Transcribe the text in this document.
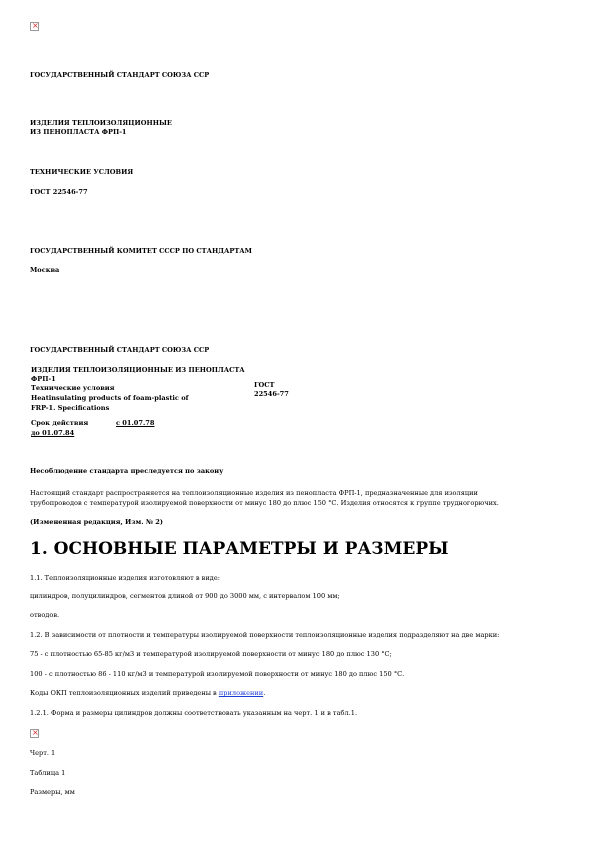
×
ГОСУДАРСТВЕННЫЙ СТАНДАРТ СОЮЗА ССР
ИЗДЕЛИЯ ТЕПЛОИЗОЛЯЦИОННЫЕ
ИЗ ПЕНОПЛАСТА ФРП-1
ТЕХНИЧЕСКИЕ УСЛОВИЯ
ГОСТ 22546-77
ГОСУДАРСТВЕННЫЙ КОМИТЕТ СССР ПО СТАНДАРТАМ
Москва
ГОСУДАРСТВЕННЫЙ СТАНДАРТ СОЮЗА ССР
ИЗДЕЛИЯ ТЕПЛОИЗОЛЯЦИОННЫЕ ИЗ ПЕНОПЛАСТА
ФРП-1
Технические условия
Heatinsulating products of foam-plastic of
FRP-1. Specifications
ГОСТ
22546-77
Срок действия	с 01.07.78
до 01.07.84
Несоблюдение стандарта преследуется по закону
Настоящий стандарт распространяется на теплоизоляционные изделия из пенопласта ФРП-1, предназначенные для изоляции
трубопроводов с температурой изолируемой поверхности от минус 180 до плюс 150 °С. Изделия относятся к группе трудногорючих.
(Измененная редакция, Изм. № 2)
1. ОСНОВНЫЕ ПАРАМЕТРЫ И РАЗМЕРЫ
1.1. Теплоизоляционные изделия изготовляют в виде:
цилиндров, полуцилиндров, сегментов длиной от 900 до 3000 мм, с интервалом 100 мм;
отводов.
1.2. В зависимости от плотности и температуры изолируемой поверхности теплоизоляционные изделия подразделяют на две марки:
75 - с плотностью 65-85 кг/м3 и температурой изолируемой поверхности от минус 180 до плюс 130 °С;
100 - с плотностью 86 - 110 кг/м3 и температурой изолируемой поверхности от минус 180 до плюс 150 °С.
Коды ОКП теплоизоляционных изделий приведены в приложении.
1.2.1. Форма и размеры цилиндров должны соответствовать указанным на черт. 1 и в табл.1.
×
Черт. 1
Таблица 1
Размеры, мм
